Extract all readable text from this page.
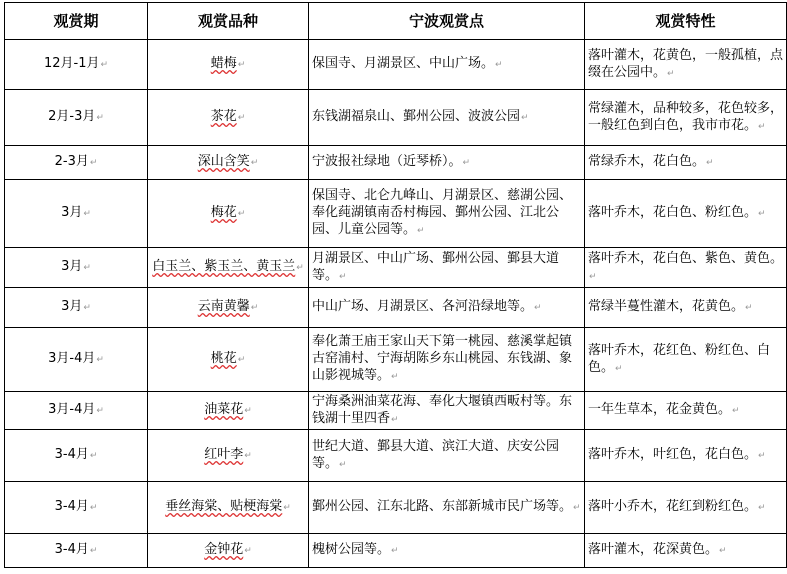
观赏期	观赏品种	宁波观赏点	观赏特性
12月-1月↵	蜡梅↵	保国寺、月湖景区、中山广场。↵	落叶灌木，花黄色，一般孤植，点缀在公园中。↵
2月-3月↵	茶花↵	东钱湖福泉山、鄞州公园、波波公园↵	常绿灌木，品种较多，花色较多，一般红色到白色，我市市花。↵
2-3月↵	深山含笑↵	宁波报社绿地（近琴桥）。↵	常绿乔木，花白色。↵
3月↵	梅花↵	保国寺、北仑九峰山、月湖景区、慈湖公园、奉化莼湖镇南岙村梅园、鄞州公园、江北公园、儿童公园等。↵	落叶乔木，花白色、粉红色。↵
3月↵	白玉兰、紫玉兰、黄玉兰↵	月湖景区、中山广场、鄞州公园、鄞县大道等。↵	落叶乔木，花白色、紫色、黄色。↵
3月↵	云南黄馨↵	中山广场、月湖景区、各河沿绿地等。↵	常绿半蔓性灌木，花黄色。↵
3月-4月↵	桃花↵	奉化萧王庙王家山天下第一桃园、慈溪掌起镇古窑浦村、宁海胡陈乡东山桃园、东钱湖、象山影视城等。↵	落叶乔木，花红色、粉红色、白色。↵
3月-4月↵	油菜花↵	宁海桑洲油菜花海、奉化大堰镇西畈村等。东钱湖十里四香↵	一年生草本，花金黄色。↵
3-4月↵	红叶李↵	世纪大道、鄞县大道、滨江大道、庆安公园等。↵	落叶乔木，叶红色，花白色。↵
3-4月↵	垂丝海棠、贴梗海棠↵	鄞州公园、江东北路、东部新城市民广场等。↵	落叶小乔木，花红到粉红色。↵
3-4月↵	金钟花↵	槐树公园等。↵	落叶灌木，花深黄色。↵
